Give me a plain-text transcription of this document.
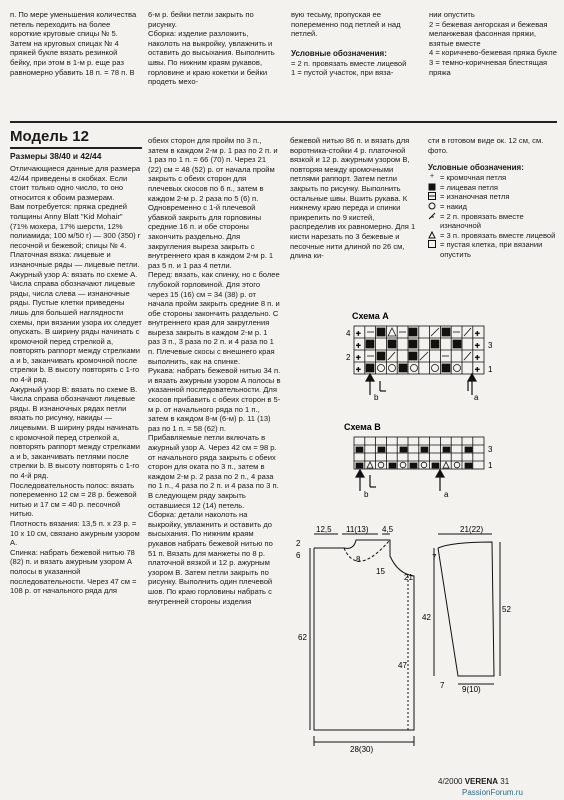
п. По мере уменьшения количества петель переходить на более короткие круговые спицы № 5. Затем на круговых спицах № 4 пряжей букле вязать резинкой бейку, при этом в 1-м р. еще раз равномерно убавить 18 п. = 78 п. В

6-м р. бейки петли закрыть по рисунку.
Сборка: изделие разложить, наколоть на выкройку, увлажнить и оставить до высыхания. Выполнить швы. По нижним краям рукавов, горловине и краю кокетки и бейки продеть мехо-

вую тесьму, пропуская ее попеременно под петлей и над петлей.

Условные обозначения:

= 2 п. провязать вместе лицевой
1 = пустой участок, при вяза-

нии опустить
2 = бежевая ангорская и бежевая меланжевая фасонная пряжи, взятые вместе
4 = коричнево-бежевая пряжа букле
3 = темно-коричневая блестящая пряжа

Модель 12

Размеры 38/40 и 42/44

Отличающиеся данные для размера 42/44 приведены в скобках. Если стоит только одно число, то оно относится к обоим размерам.
Вам потребуется: пряжа средней толщины Anny Blatt "Kid Mohair" (71% мохера, 17% шерсти, 12% полиамида; 100 м/50 г) — 300 (350) г песочной и бежевой; спицы № 4.
Платочная вязка: лицевые и изнаночные ряды — лицевые петли.
Ажурный узор А: вязать по схеме А. Числа справа обозначают лицевые ряды, числа слева — изнаночные ряды. Пустые клетки приведены лишь для большей наглядности схемы, при вязании узора их следует опускать. В ширину ряды начинать с кромочной перед стрелкой a, повторять раппорт между стрелками a и b, заканчивать кромочной после стрелки b. В высоту повторять с 1-го по 4-й ряд.
Ажурный узор В: вязать по схеме В. Числа справа обозначают лицевые ряды. В изнаночных рядах петли вязать по рисунку, накиды — лицевыми. В ширину ряды начинать с кромочной перед стрелкой a, повторять раппорт между стрелками a и b, заканчивать петлями после стрелки b. В высоту повторять с 1-го по 4-й ряд.
Последовательность полос: вязать попеременно 12 см = 28 р. бежевой нитью и 17 см = 40 р. песочной нитью.
Плотность вязания: 13,5 п. х 23 р. = 10 х 10 см, связано ажурным узором А.
Спинка: набрать бежевой нитью 78 (82) п. и вязать ажурным узором А полосы в указанной последовательности. Через 47 см = 108 р. от начального ряда для

обеих сторон для пройм по 3 п., затем в каждом 2-м р. 1 раз по 2 п. и 1 раз по 1 п. = 66 (70) п. Через 21 (22) см = 48 (52) р. от начала пройм закрыть с обеих сторон для плечевых скосов по 6 п., затем в каждом 2-м р. 2 раза по 5 (6) п. Одновременно с 1-й плечевой убавкой закрыть для горловины средние 16 п. и обе стороны закончить раздельно. Для закругления выреза закрыть с внутреннего края в каждом 2-м р. 1 раз 5 п. и 1 раз 4 петли.
Перед: вязать, как спинку, но с более глубокой горловиной. Для этого через 15 (16) см = 34 (38) р. от начала пройм закрыть средние 8 п. и обе стороны закончить раздельно. С внутреннего края для закругления выреза закрыть в каждом 2-м р. 1 раз 3 п., 3 раза по 2 п. и 4 раза по 1 п. Плечевые скосы с внешнего края выполнить, как на спинке.
Рукава: набрать бежевой нитью 34 п. и вязать ажурным узором А полосы в указанной последовательности. Для скосов прибавить с обеих сторон в 5-м р. от начального ряда по 1 п., затем в каждом 8-м (6-м) р. 11 (13) раз по 1 п. = 58 (62) п. Прибавляемые петли включать в ажурный узор А. Через 42 см = 98 р. от начального ряда закрыть с обеих сторон для оката по 3 п., затем в каждом 2-м р. 2 раза по 2 п., 4 раза по 1 п., 4 раза по 2 п. и 4 раза по 3 п. В следующем ряду закрыть оставшиеся 12 (14) петель.
Сборка: детали наколоть на выкройку, увлажнить и оставить до высыхания. По нижним краям рукавов набрать бежевой нитью по 51 п. Вязать для манжеты по 8 р. платочной вязкой и 12 р. ажурным узором В. Затем петли закрыть по рисунку. Выполнить один плечевой шов. По краю горловины набрать с внутренней стороны изделия

бежевой нитью 86 п. и вязать для воротника-стойки 4 р. платочной вязкой и 12 р. ажурным узором В, повторяя между кромочными петлями раппорт. Затем петли закрыть по рисунку. Выполнить остальные швы. Вшить рукава. К нижнему краю переда и спинки прикрепить по 9 кистей, распределив их равномерно. Для 1 кисти нарезать по 3 бежевые и песочные нити длиной по 26 см, длина ки-

сти в готовом виде ок. 12 см, см. фото.

Условные обозначения:

+ = кромочная петля
= лицевая петля
= изнаночная петля
= накид
= 2 п. провязать вместе изнаночной
= 3 п. провязать вместе лицевой
= пустая клетка, при вязании опустить
Схема А
+	+
+	+
+	+
+	+
4
2
3
1
b	a
Схема В
3
1
b	a
12,5 11(13) 4,5
2
6	8
15
21
62
47
28(30)
21(22)
7
42
52
7 9(10)
4/2000 VERENA 31
PassionForum.ru
